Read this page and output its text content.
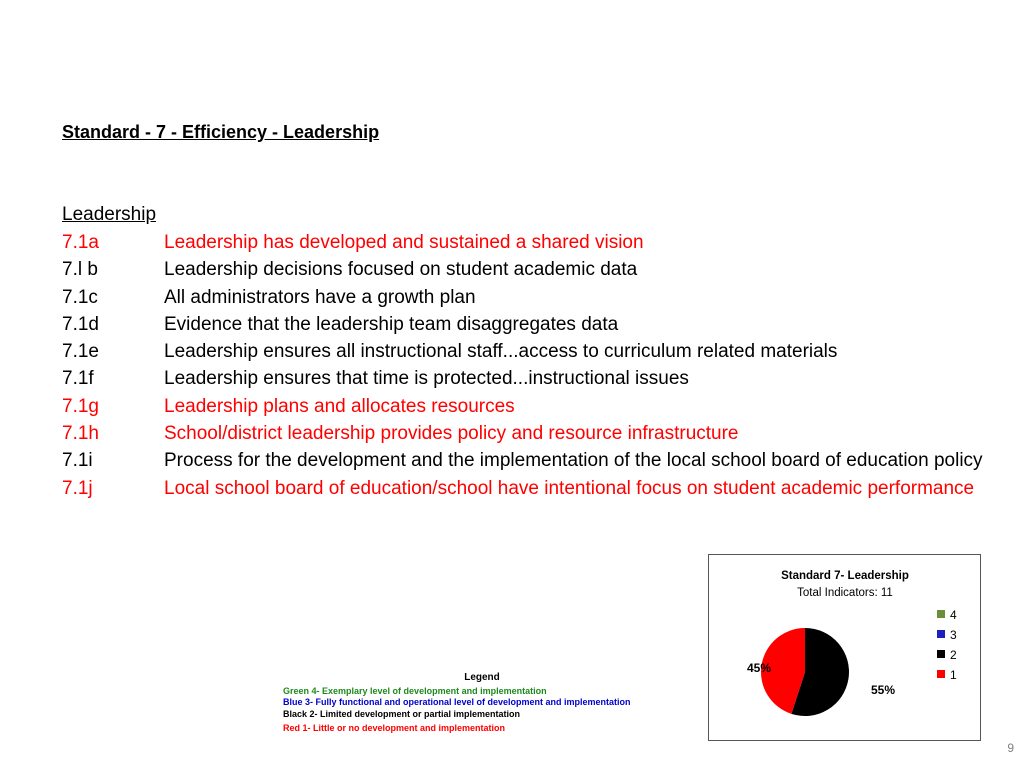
Standard - 7 - Efficiency - Leadership
Leadership
7.1a	Leadership has developed and sustained a shared vision
7.l b	Leadership decisions focused on student academic data
7.1c	All administrators have a growth plan
7.1d	Evidence that the leadership team disaggregates data
7.1e	Leadership ensures all instructional staff...access to curriculum related materials
7.1f	Leadership ensures that time is protected...instructional issues
7.1g	Leadership plans and allocates resources
7.1h	School/district leadership provides policy and resource infrastructure
7.1i	Process for the development and the implementation of the local school board of education policy
7.1j	Local school board of education/school have intentional focus on student academic performance
Legend
Green 4- Exemplary level of development and implementation
Blue 3- Fully functional and operational level of development and implementation
Black 2- Limited development or partial implementation
Red 1- Little or no development and implementation
Standard 7- Leadership
Total Indicators: 11
55%
45%
4
3
2
1
9
